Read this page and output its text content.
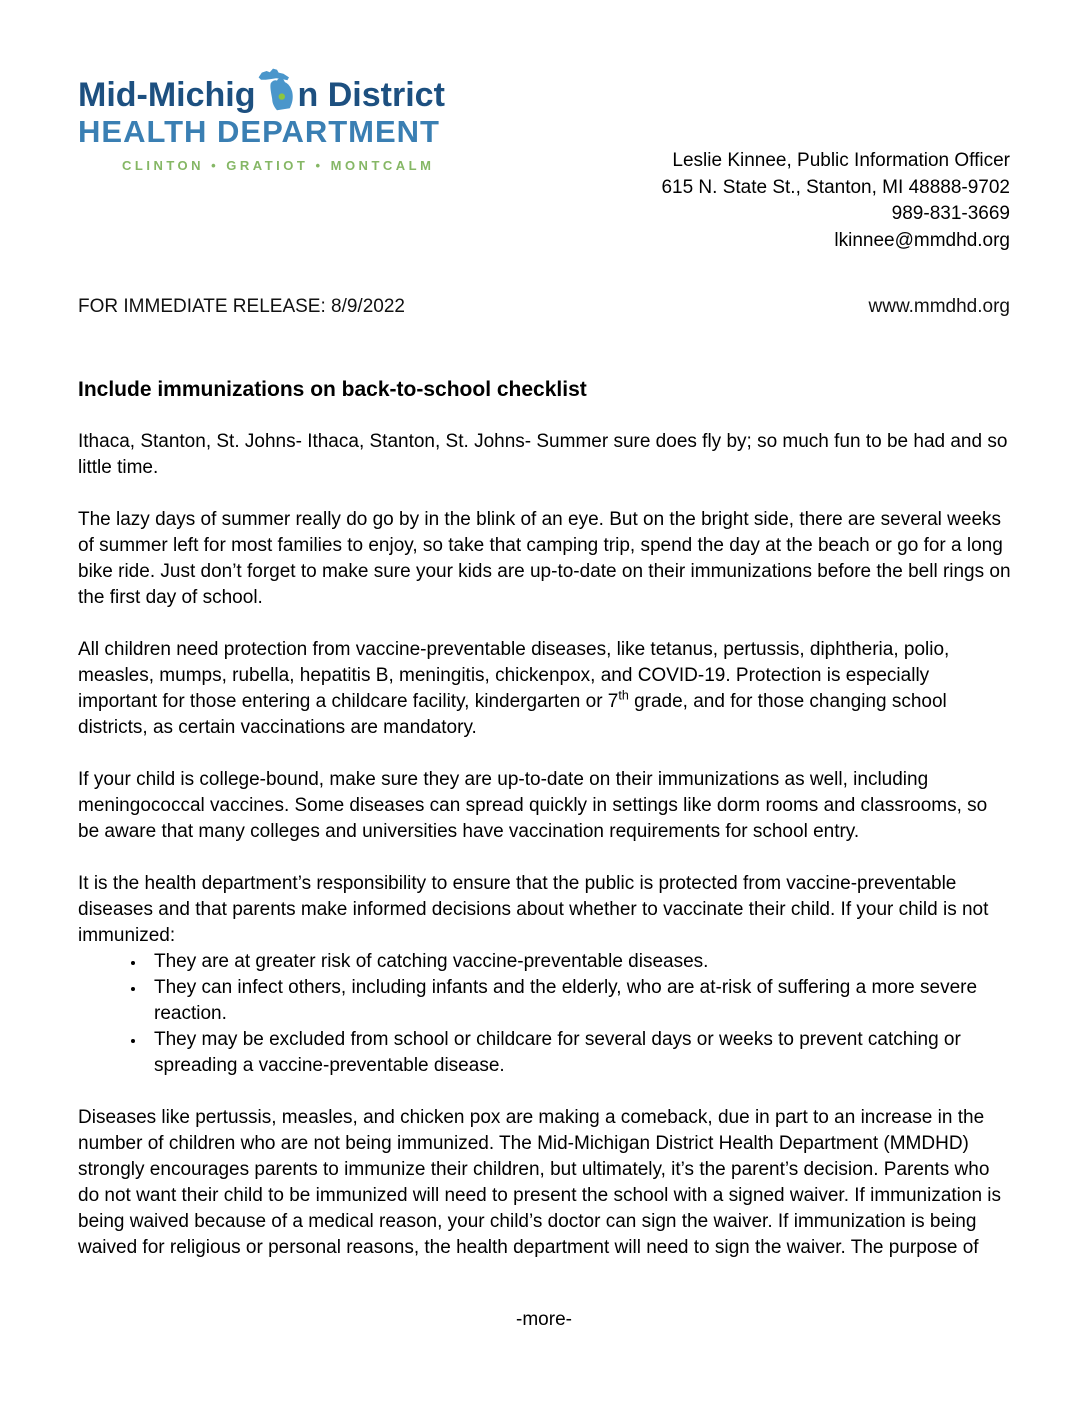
Mid-Michig n District
HEALTH DEPARTMENT
CLINTON • GRATIOT • MONTCALM	Leslie Kinnee, Public Information Officer
615 N. State St., Stanton, MI 48888-9702
989-831-3669
lkinnee@mmdhd.org
FOR IMMEDIATE RELEASE: 8/9/2022	www.mmdhd.org
Include immunizations on back-to-school checklist

Ithaca, Stanton, St. Johns- Ithaca, Stanton, St. Johns- Summer sure does fly by; so much fun to be had and so little time.

The lazy days of summer really do go by in the blink of an eye. But on the bright side, there are several weeks of summer left for most families to enjoy, so take that camping trip, spend the day at the beach or go for a long bike ride. Just don’t forget to make sure your kids are up-to-date on their immunizations before the bell rings on the first day of school.

All children need protection from vaccine-preventable diseases, like tetanus, pertussis, diphtheria, polio, measles, mumps, rubella, hepatitis B, meningitis, chickenpox, and COVID-19. Protection is especially important for those entering a childcare facility, kindergarten or 7th grade, and for those changing school districts, as certain vaccinations are mandatory.

If your child is college-bound, make sure they are up-to-date on their immunizations as well, including meningococcal vaccines. Some diseases can spread quickly in settings like dorm rooms and classrooms, so be aware that many colleges and universities have vaccination requirements for school entry.

It is the health department’s responsibility to ensure that the public is protected from vaccine-preventable diseases and that parents make informed decisions about whether to vaccinate their child. If your child is not immunized:

• They are at greater risk of catching vaccine-preventable diseases.
• They can infect others, including infants and the elderly, who are at-risk of suffering a more severe reaction.
• They may be excluded from school or childcare for several days or weeks to prevent catching or spreading a vaccine-preventable disease.

Diseases like pertussis, measles, and chicken pox are making a comeback, due in part to an increase in the number of children who are not being immunized. The Mid-Michigan District Health Department (MMDHD) strongly encourages parents to immunize their children, but ultimately, it’s the parent’s decision. Parents who do not want their child to be immunized will need to present the school with a signed waiver. If immunization is being waived because of a medical reason, your child’s doctor can sign the waiver. If immunization is being waived for religious or personal reasons, the health department will need to sign the waiver. The purpose of

-more-
